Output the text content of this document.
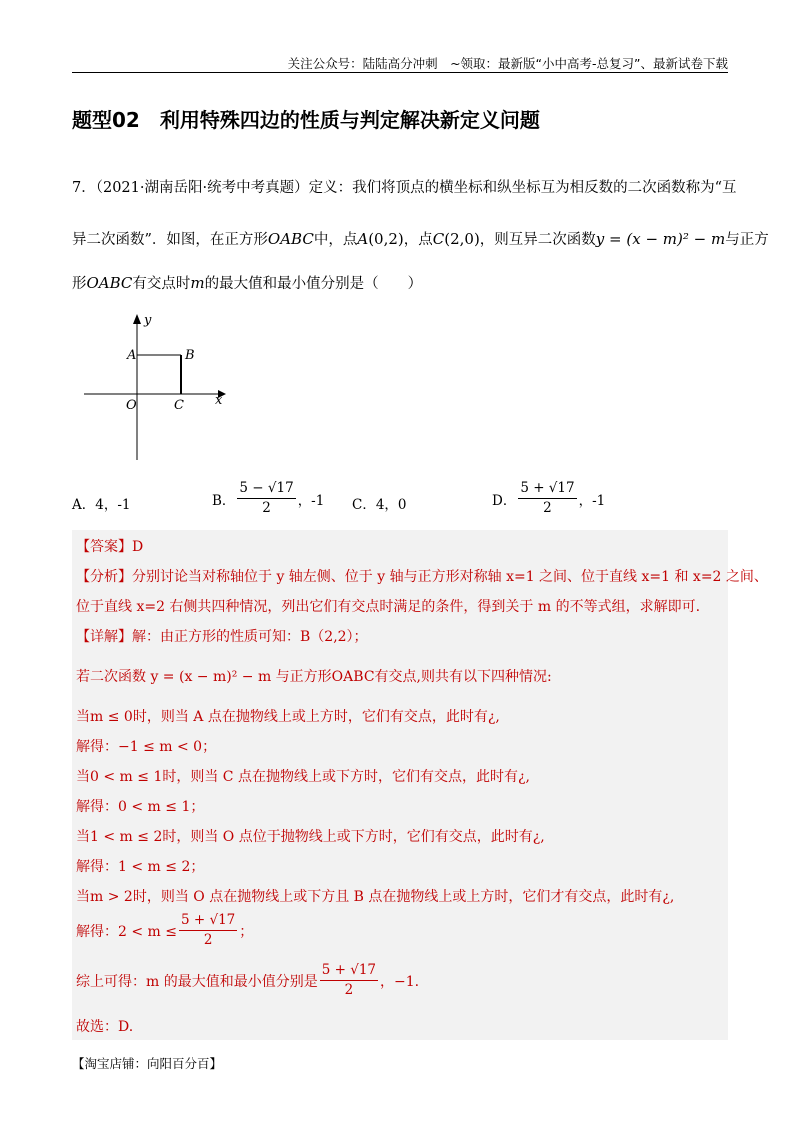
关注公众号：陆陆高分冲刺　~领取：最新版“小中高考-总复习”、最新试卷下载
题型02　利用特殊四边的性质与判定解决新定义问题
7．（2021·湖南岳阳·统考中考真题）定义：我们将顶点的横坐标和纵坐标互为相反数的二次函数称为“互
异二次函数”．如图，在正方形OABC中，点A(0,2)，点C(2,0)，则互异二次函数y = (x − m)² − m与正方
形OABC有交点时m的最大值和最小值分别是（　　）
y
x
A	B
O	C
A．4，-1	B． $\frac{5 - √17}{2}$ ，-1 C．4，0	D． $\frac{5 + √17}{2}$ ，-1
【答案】D
【分析】分别讨论当对称轴位于 y 轴左侧、位于 y 轴与正方形对称轴 x=1 之间、位于直线 x=1 和 x=2 之间、
位于直线 x=2 右侧共四种情况，列出它们有交点时满足的条件，得到关于 m 的不等式组，求解即可.
【详解】解：由正方形的性质可知：B（2,2）；
若二次函数 y = (x − m)² − m 与正方形OABC有交点,则共有以下四种情况:
当m ≤ 0时，则当 A 点在抛物线上或上方时，它们有交点，此时有¿,
解得：−1 ≤ m < 0；
当0 < m ≤ 1时，则当 C 点在抛物线上或下方时，它们有交点，此时有¿,
解得：0 < m ≤ 1；
当1 < m ≤ 2时，则当 O 点位于抛物线上或下方时，它们有交点，此时有¿,
解得：1 < m ≤ 2；
当m > 2时，则当 O 点在抛物线上或下方且 B 点在抛物线上或上方时，它们才有交点，此时有¿,
解得：$2 < m \le \frac{5 + √17}{2}$ ；
综上可得：m 的最大值和最小值分别是 $\frac{5 + √17}{2}$ ，−1.
故选：D.
【淘宝店铺：向阳百分百】
